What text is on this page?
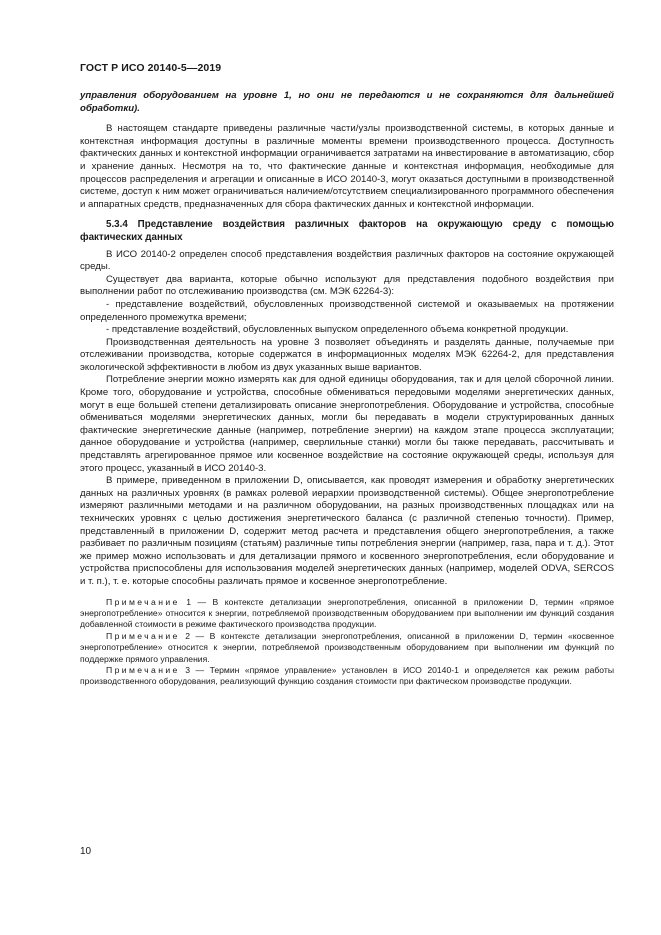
ГОСТ Р ИСО 20140-5—2019

управления оборудованием на уровне 1, но они не передаются и не сохраняются для дальнейшей обработки).

В настоящем стандарте приведены различные части/узлы производственной системы, в которых данные и контекстная информация доступны в различные моменты времени производственного процесса. Доступность фактических данных и контекстной информации ограничивается затратами на инвестирование в автоматизацию, сбор и хранение данных. Несмотря на то, что фактические данные и контекстная информация, необходимые для процессов распределения и агрегации и описанные в ИСО 20140-3, могут оказаться доступными в производственной системе, доступ к ним может ограничиваться наличием/отсутствием специализированного программного обеспечения и аппаратных средств, предназначенных для сбора фактических данных и контекстной информации.

5.3.4 Представление воздействия различных факторов на окружающую среду с помощью фактических данных

В ИСО 20140-2 определен способ представления воздействия различных факторов на состояние окружающей среды.

Существует два варианта, которые обычно используют для представления подобного воздействия при выполнении работ по отслеживанию производства (см. МЭК 62264-3):

- представление воздействий, обусловленных производственной системой и оказываемых на протяжении определенного промежутка времени;

- представление воздействий, обусловленных выпуском определенного объема конкретной продукции.

Производственная деятельность на уровне 3 позволяет объединять и разделять данные, получаемые при отслеживании производства, которые содержатся в информационных моделях МЭК 62264-2, для представления экологической эффективности в любом из двух указанных выше вариантов.

Потребление энергии можно измерять как для одной единицы оборудования, так и для целой сборочной линии. Кроме того, оборудование и устройства, способные обмениваться передовыми моделями энергетических данных, могут в еще большей степени детализировать описание энергопотребления. Оборудование и устройства, способные обмениваться моделями энергетических данных, могли бы передавать в модели структурированных данных фактические энергетические данные (например, потребление энергии) на каждом этапе процесса эксплуатации; данное оборудование и устройства (например, сверлильные станки) могли бы также передавать, рассчитывать и представлять агрегированное прямое или косвенное воздействие на состояние окружающей среды, используя для этого процесс, указанный в ИСО 20140-3.

В примере, приведенном в приложении D, описывается, как проводят измерения и обработку энергетических данных на различных уровнях (в рамках ролевой иерархии производственной системы). Общее энергопотребление измеряют различными методами и на различном оборудовании, на разных производственных площадках или на технических уровнях с целью достижения энергетического баланса (с различной степенью точности). Пример, представленный в приложении D, содержит метод расчета и представления общего энергопотребления, а также разбивает по различным позициям (статьям) различные типы потребления энергии (например, газа, пара и т. д.). Этот же пример можно использовать и для детализации прямого и косвенного энергопотребления, если оборудование и устройства приспособлены для использования моделей энергетических данных (например, моделей ODVA, SERCOS и т. п.), т. е. которые способны различать прямое и косвенное энергопотребление.

Примечание 1 — В контексте детализации энергопотребления, описанной в приложении D, термин «прямое энергопотребление» относится к энергии, потребляемой производственным оборудованием при выполнении им функций создания добавленной стоимости в режиме фактического производства продукции.

Примечание 2 — В контексте детализации энергопотребления, описанной в приложении D, термин «косвенное энергопотребление» относится к энергии, потребляемой производственным оборудованием при выполнении им функций по поддержке прямого управления.

Примечание 3 — Термин «прямое управление» установлен в ИСО 20140-1 и определяется как режим работы производственного оборудования, реализующий функцию создания стоимости при фактическом производстве продукции.

10
